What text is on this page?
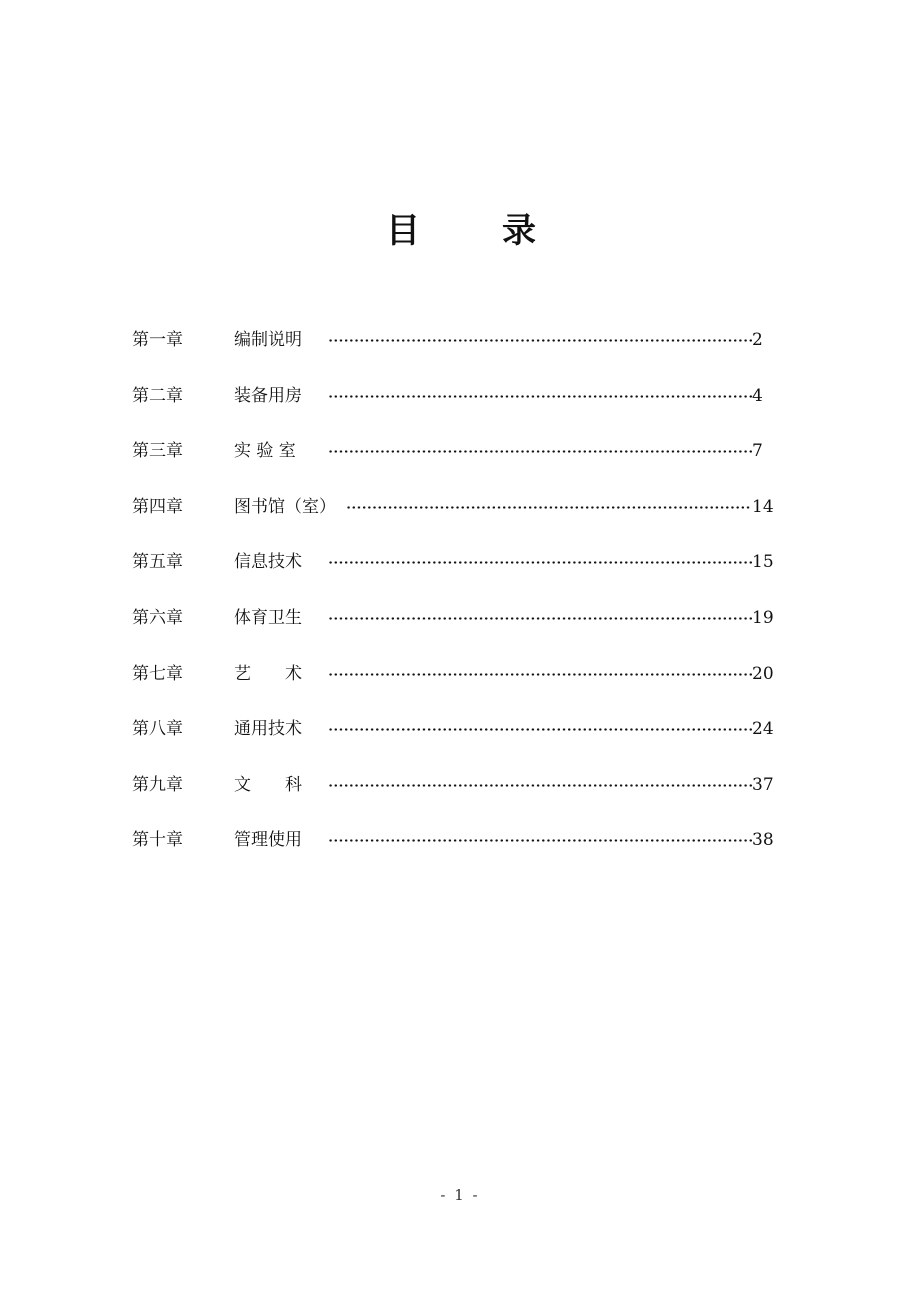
目 录
第一章	编制说明	2
第二章	装备用房	4
第三章	实 验 室	7
第四章	图书馆（室）	14
第五章	信息技术	15
第六章	体育卫生	19
第七章	艺　　术	20
第八章	通用技术	24
第九章	文　　科	37
第十章	管理使用	38
- 1 -
